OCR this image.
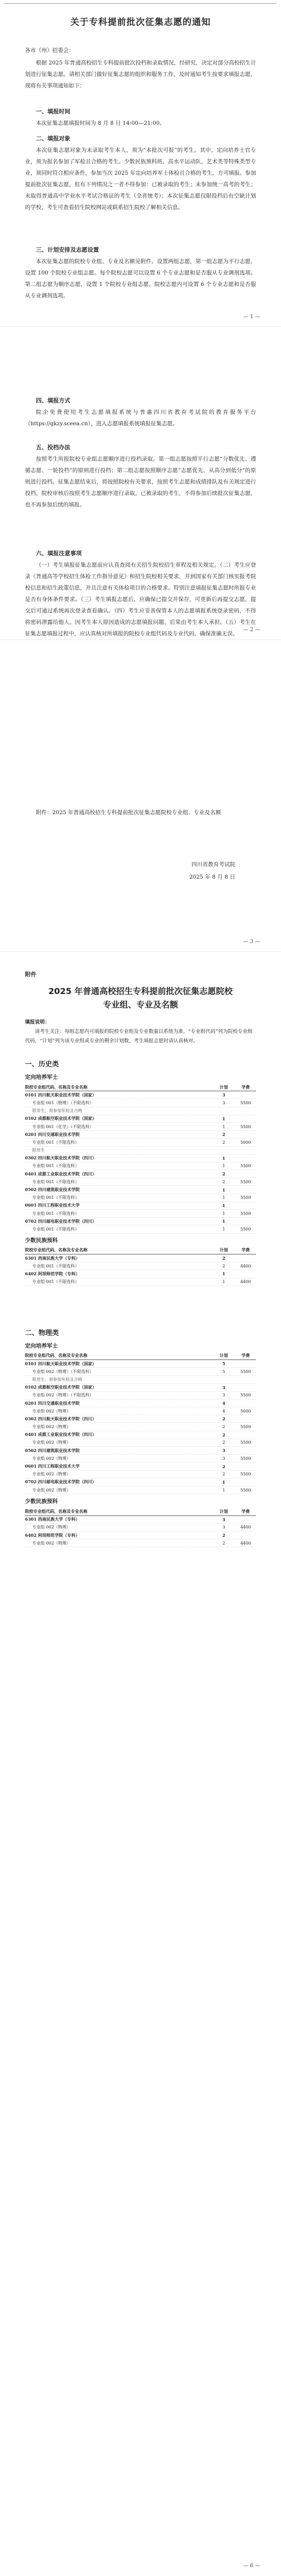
关于专科提前批次征集志愿的通知
各市（州）招委会：
根据 2025 年普通高校招生专科提前批次投档和录取情况，经研究，决定对部分高校招生计划进行征集志愿。请相关部门做好征集志愿的组织和服务工作，及时通知考生按要求填报志愿，现将有关事项通知如下：
一、填报时间
本次征集志愿填报时间为 8 月 8 日 14:00—21:00。
二、填报对象
本次征集志愿对象为未录取考生本人，须为“本批次可报”的考生。其中，定向培养士官专业，须为报名参加了军检且合格的考生。少数民族预科班、高水平运动队、艺术类等特殊类型专业，须同时符合相应条件，参加当次 2025 年定向培养军士体检且合格的考生，方可填报。参加提前批次征集志愿，但有下列情况之一者不得参加：已被录取的考生；未参加统一高考的考生；未取得普通高中学业水平考试合格证的考生（全省统考）；本次征集志愿仅限投档后有空缺计划的学校，考生可查看招生院校网站或联系招生院校了解相关信息。
三、计划安排及志愿设置
本次征集志愿的院校专业组、专业及名额见附件。设置两组志愿，第一组志愿为平行志愿，设置 100 个院校专业组志愿。每个院校志愿可以设置 6 个专业志愿和是否服从专业调剂选项。第二组志愿为顺序志愿，设置 1 个院校专业组志愿，院校志愿内可设置 6 个专业志愿和是否服从专业调剂选项。
— 1 —
四、填报方式
院企免费使用考生志愿填报系统与普惠四川省教育考试院的教育服务平台（https://gkzy.sceea.cn），进入志愿填报系统填报征集志愿。
五、投档办法
按照考生所报院校专业组志愿顺序进行投档录取。第一组志愿按照平行志愿“分数优先、遵循志愿、一轮投档”的原则进行投档；第二组志愿按照顺序志愿“志愿优先、从高分到低分”的原则进行投档。征集志愿结束后，将按照院校有关要求，按照考生志愿和成绩排队及有关规定进行投档，院校审核后按照考生志愿顺序进行录取。已被录取的考生，不得参加后续批次征集志愿，也不再参加后续的填报。
六、填报注意事项
（一）考生填报征集志愿前应认真查阅有关招生院校招生章程及相关规定。（二）考生应登录《普通高等学校招生体检工作指导意见》和招生院校相关要求，并到国家有关部门核实报考院校信息和招生政策信息，并且注意有关体检项目的合格要求。特别注意填报征集志愿时所报专业是否有身体条件要求。（三）考生填报志愿后，应确保已提交并保存，可更新后再提交志愿，提交后可通过系统再次登录查看确认。（四）考生应妥善保管本人的志愿填报系统登录密码，不得将密码泄露给他人。因考生本人原因造成的志愿填报问题，后果由考生本人承担。（五）考生在征集志愿填报过程中，应认真核对所填报的院校专业组代码及专业代码，确保准确无误。
— 2 —
附件：2025 年普通高校招生专科提前批次征集志愿院校专业组、专业及名额
四川省教育考试院
2025 年 8 月 8 日
— 3 —
附件
2025 年普通高校招生专科提前批次征集志愿院校
专业组、专业及名额
填报说明：
请考生关注：每组志愿内可填报的院校专业组及专业数量以系统为准，“专业组代码”列为院校专业组代码，“计划”列为该专业组或专业的剩余计划数，考生填报志愿时请认真核对。
一、历史类
定向培养军士
院校专业组代码、名称及专业名称	计划	学费
0101 四川航天职业技术学院（国家）	3
专业组 001（物理）（不限选科）	3	5500
限男生，须参加军检且合格
0102 成都航空职业技术学院（国家）	1
专业组 001（化学）（不限选科）	1	5500
0201 四川交通职业技术学院	2
专业组 001（不限选科）	2	5000
限男生
0302 四川航天职业技术学院（四川）	1
专业组 001（不限选科）	1	5500
0401 成都工业职业技术学院（四川）	2
专业组 001（不限选科）	2	5500
0502 四川建筑职业技术学院	1
专业组 001（不限选科）	1	5500
0601 四川工程职业技术大学	1
专业组 001（不限选科）	1	5500
0702 四川邮电职业技术学院（四川）	1
专业组 001（不限选科）	1	5500
少数民族预科
院校专业组代码、名称及专业名称	计划	学费
6301 西南民族大学（专科）	2
专业组 001（不限选科）	2	4400
6402 阿坝师范学院（专科）	1
专业组 001（不限选科）	1	4400
二、物理类
定向培养军士
院校专业组代码、名称及专业名称	计划	学费
0101 四川航天职业技术学院（国家）	5
专业组 002（物理）（不限选科）	5	5500
限男生，须参加军检且合格
0102 成都航空职业技术学院（国家）	3
专业组 002（物理）（不限选科）	3	5500
0201 四川交通职业技术学院	4
专业组 002（物理）	4	5000
0302 四川航天职业技术学院（四川）	2
专业组 002（物理）	2	5500
0401 成都工业职业技术学院（四川）	2
专业组 002（物理）	2	5500
0502 四川建筑职业技术学院	3
专业组 002（物理）	3	5500
0601 四川工程职业技术大学	2
专业组 002（物理）	2	5500
0702 四川邮电职业技术学院（四川）	1
专业组 002（物理）	1	5500
少数民族预科
院校专业组代码、名称及专业名称	计划	学费
6301 西南民族大学（专科）	3
专业组 002（物理）	3	4400
6402 阿坝师范学院（专科）	2
专业组 002（物理）	2	4400
— 6 —
